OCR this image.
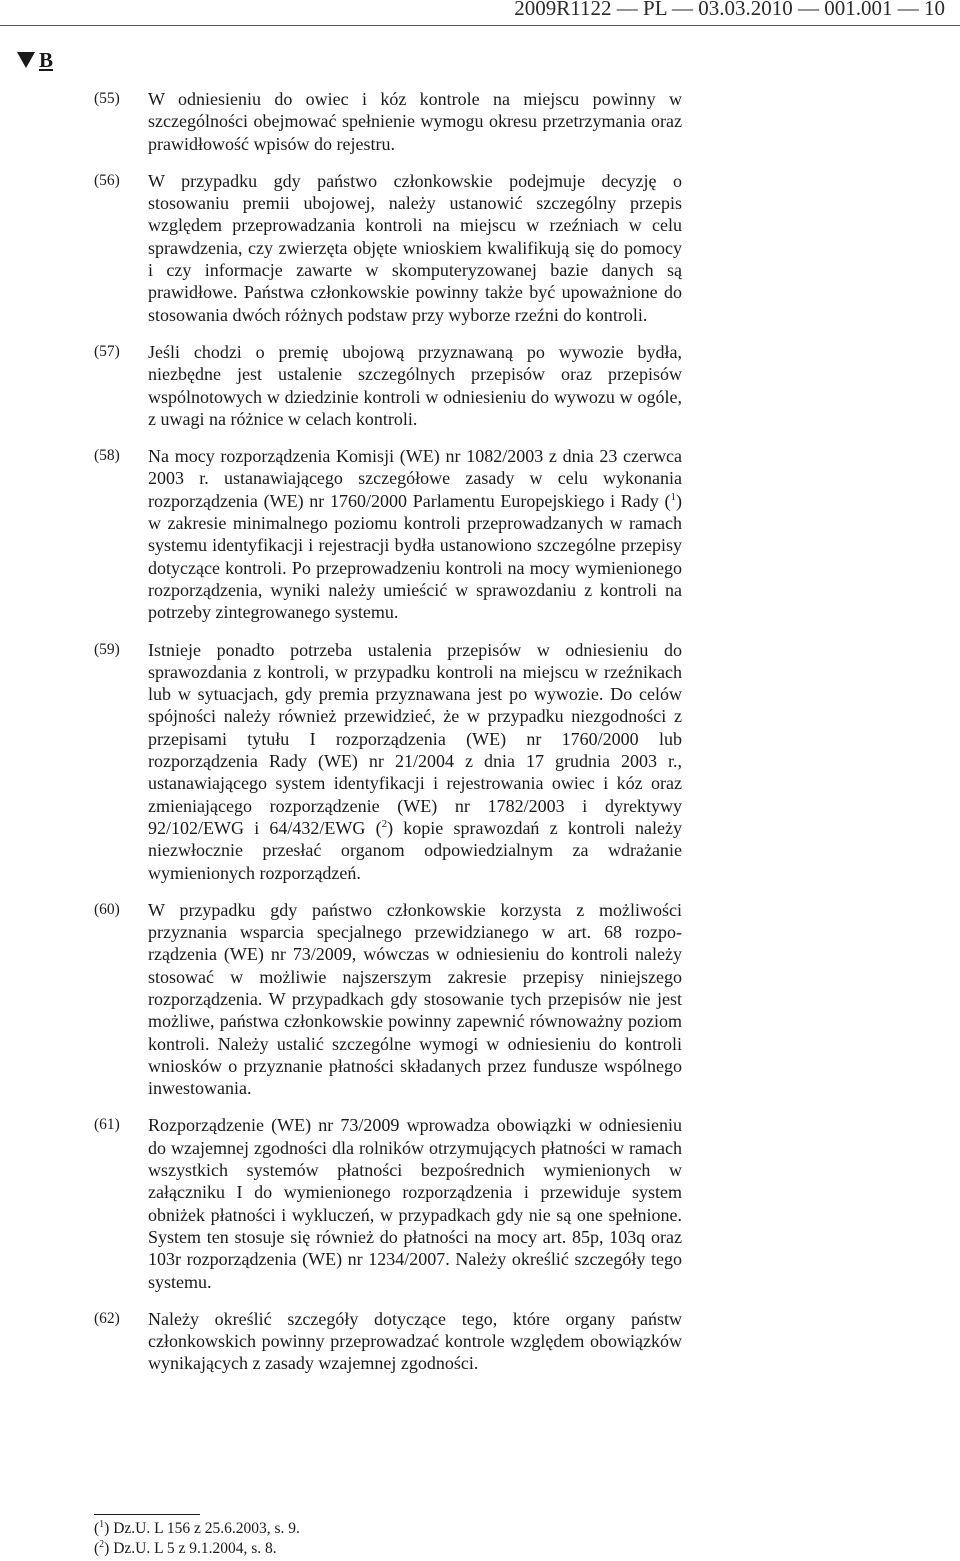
2009R1122 — PL — 03.03.2010 — 001.001 — 10
B
(55) W odniesieniu do owiec i kóz kontrole na miejscu powinny w szczególności obejmować spełnienie wymogu okresu przetrzymania oraz prawidłowość wpisów do rejestru.
(56) W przypadku gdy państwo członkowskie podejmuje decyzję o stosowaniu premii ubojowej, należy ustanowić szczególny przepis względem przeprowadzania kontroli na miejscu w rzeźniach w celu sprawdzenia, czy zwierzęta objęte wnioskiem kwalifikują się do pomocy i czy informacje zawarte w skomputeryzowanej bazie danych są prawidłowe. Państwa członkowskie powinny także być upoważnione do stosowania dwóch różnych podstaw przy wyborze rzeźni do kontroli.
(57) Jeśli chodzi o premię ubojową przyznawaną po wywozie bydła, niezbędne jest ustalenie szczególnych przepisów oraz przepisów wspólnotowych w dziedzinie kontroli w odniesieniu do wywozu w ogóle, z uwagi na różnice w celach kontroli.
(58) Na mocy rozporządzenia Komisji (WE) nr 1082/2003 z dnia 23 czerwca 2003 r. ustanawiającego szczegółowe zasady w celu wykonania rozporządzenia (WE) nr 1760/2000 Parlamentu Europejskiego i Rady ($^1$) w zakresie minimalnego poziomu kontroli przeprowadzanych w ramach systemu identyfikacji i rejestracji bydła ustanowiono szczególne przepisy dotyczące kontroli. Po przeprowadzeniu kontroli na mocy wymienionego rozporządzenia, wyniki należy umieścić w sprawozdaniu z kontroli na potrzeby zintegrowanego systemu.
(59) Istnieje ponadto potrzeba ustalenia przepisów w odniesieniu do sprawozdania z kontroli, w przypadku kontroli na miejscu w rzeźnikach lub w sytuacjach, gdy premia przyznawana jest po wywozie. Do celów spójności należy również przewidzieć, że w przypadku niezgodności z przepisami tytułu I rozporządzenia (WE) nr 1760/2000 lub rozporządzenia Rady (WE) nr 21/2004 z dnia 17 grudnia 2003 r., ustanawiającego system identyfikacji i rejestrowania owiec i kóz oraz zmieniającego rozporządzenie (WE) nr 1782/2003 i dyrektywy 92/102/EWG i 64/432/EWG ($^2$) kopie sprawozdań z kontroli należy niezwłocznie przesłać organom odpowiedzialnym za wdrażanie wymienionych rozporządzeń.
(60) W przypadku gdy państwo członkowskie korzysta z możliwości przyznania wsparcia specjalnego przewidzianego w art. 68 rozporządzenia (WE) nr 73/2009, wówczas w odniesieniu do kontroli należy stosować w możliwie najszerszym zakresie przepisy niniejszego rozporządzenia. W przypadkach gdy stosowanie tych przepisów nie jest możliwe, państwa członkowskie powinny zapewnić równoważny poziom kontroli. Należy ustalić szczególne wymogi w odniesieniu do kontroli wniosków o przyznanie płatności składanych przez fundusze wspólnego inwestowania.
(61) Rozporządzenie (WE) nr 73/2009 wprowadza obowiązki w odniesieniu do wzajemnej zgodności dla rolników otrzymujących płatności w ramach wszystkich systemów płatności bezpośrednich wymienionych w załączniku I do wymienionego rozporządzenia i przewiduje system obniżek płatności i wykluczeń, w przypadkach gdy nie są one spełnione. System ten stosuje się również do płatności na mocy art. 85p, 103q oraz 103r rozporządzenia (WE) nr 1234/2007. Należy określić szczegóły tego systemu.
(62) Należy określić szczegóły dotyczące tego, które organy państw członkowskich powinny przeprowadzać kontrole względem obowiązków wynikających z zasady wzajemnej zgodności.
($^1$) Dz.U. L 156 z 25.6.2003, s. 9.
($^2$) Dz.U. L 5 z 9.1.2004, s. 8.
